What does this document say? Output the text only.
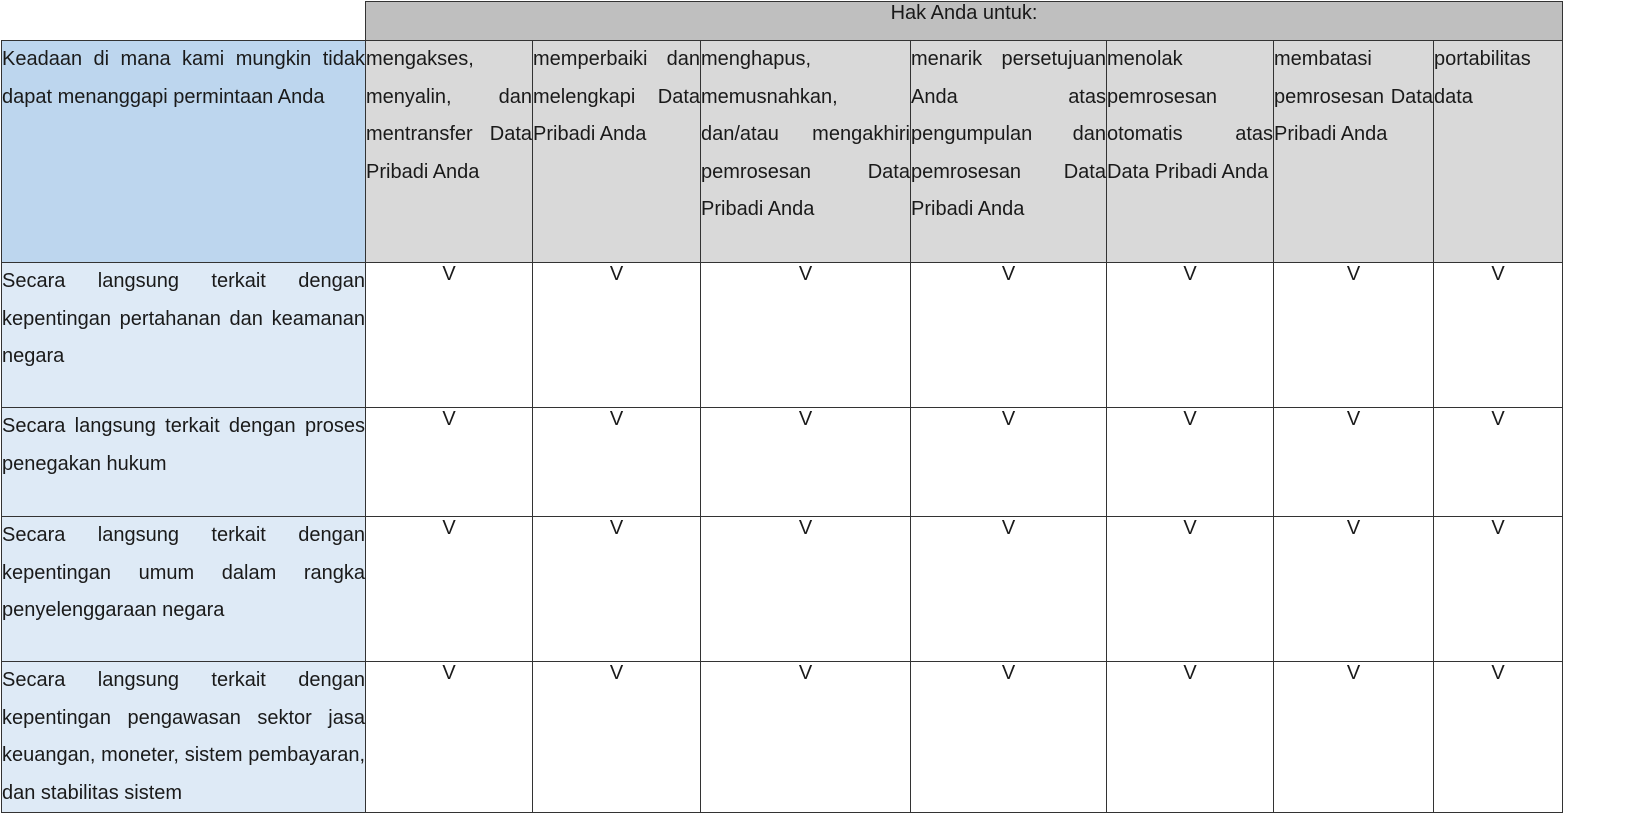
	Hak Anda untuk:						
Keadaan di mana kami mungkin tidak dapat menanggapi permintaan Anda	mengakses, menyalin, dan mentransfer Data Pribadi Anda	memperbaiki dan melengkapi Data Pribadi Anda	menghapus, memusnahkan, dan/atau mengakhiri pemrosesan Data Pribadi Anda	menarik persetujuan Anda atas pengumpulan dan pemrosesan Data Pribadi Anda	menolak pemrosesan otomatis atas Data Pribadi Anda	membatasi pemrosesan Data Pribadi Anda	portabilitas data
Secara langsung terkait dengan kepentingan pertahanan dan keamanan negara	V	V	V	V	V	V	V
Secara langsung terkait dengan proses penegakan hukum	V	V	V	V	V	V	V
Secara langsung terkait dengan kepentingan umum dalam rangka penyelenggaraan negara	V	V	V	V	V	V	V
Secara langsung terkait dengan kepentingan pengawasan sektor jasa keuangan, moneter, sistem pembayaran, dan stabilitas sistem	V	V	V	V	V	V	V
